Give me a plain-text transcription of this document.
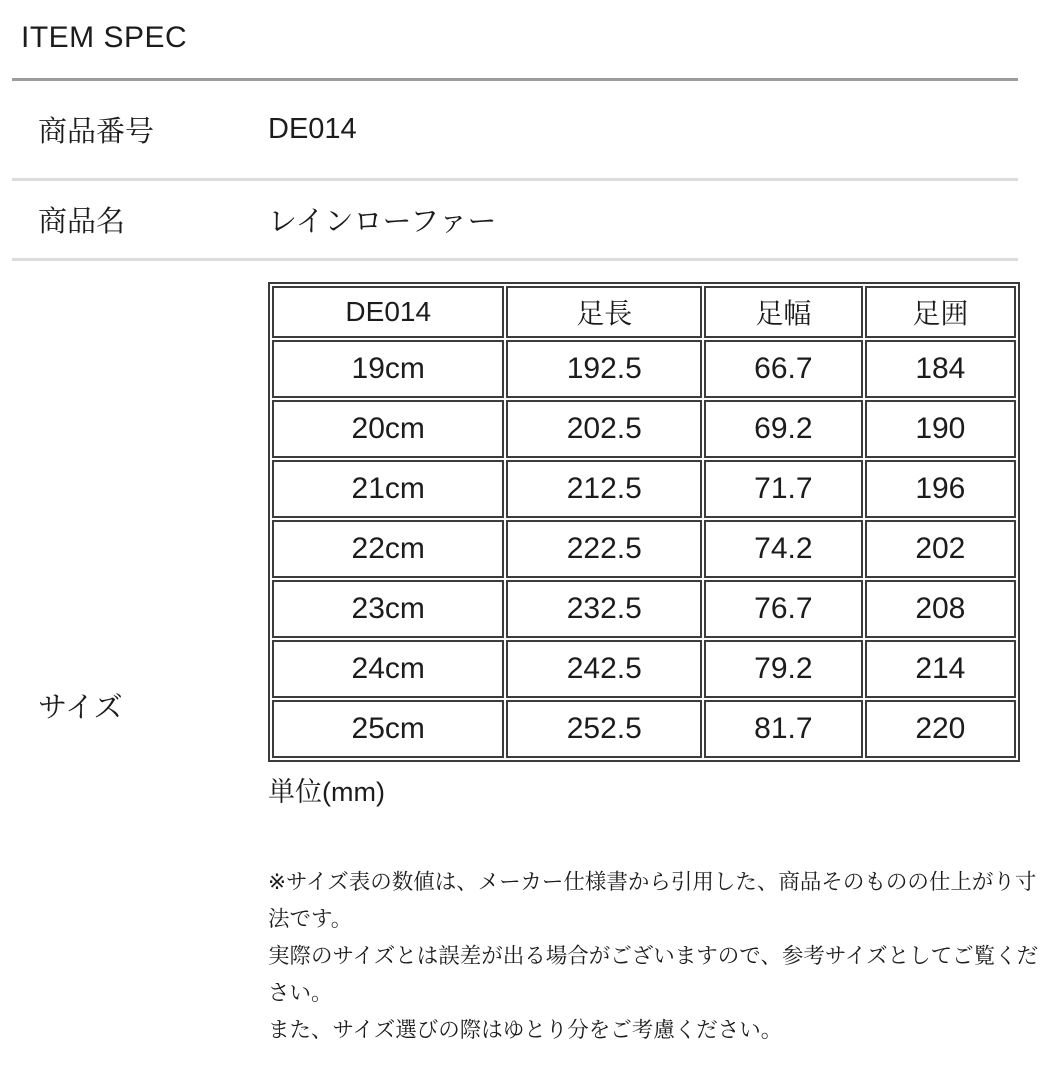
ITEM SPEC
商品番号	DE014
商品名	レインローファー
サイズ
DE014	足長	足幅	足囲
19cm	192.5	66.7	184
20cm	202.5	69.2	190
21cm	212.5	71.7	196
22cm	222.5	74.2	202
23cm	232.5	76.7	208
24cm	242.5	79.2	214
25cm	252.5	81.7	220
単位(mm)

※サイズ表の数値は、メーカー仕様書から引用した、商品そのものの仕上がり寸法です。

実際のサイズとは誤差が出る場合がございますので、参考サイズとしてご覧ください。

また、サイズ選びの際はゆとり分をご考慮ください。
